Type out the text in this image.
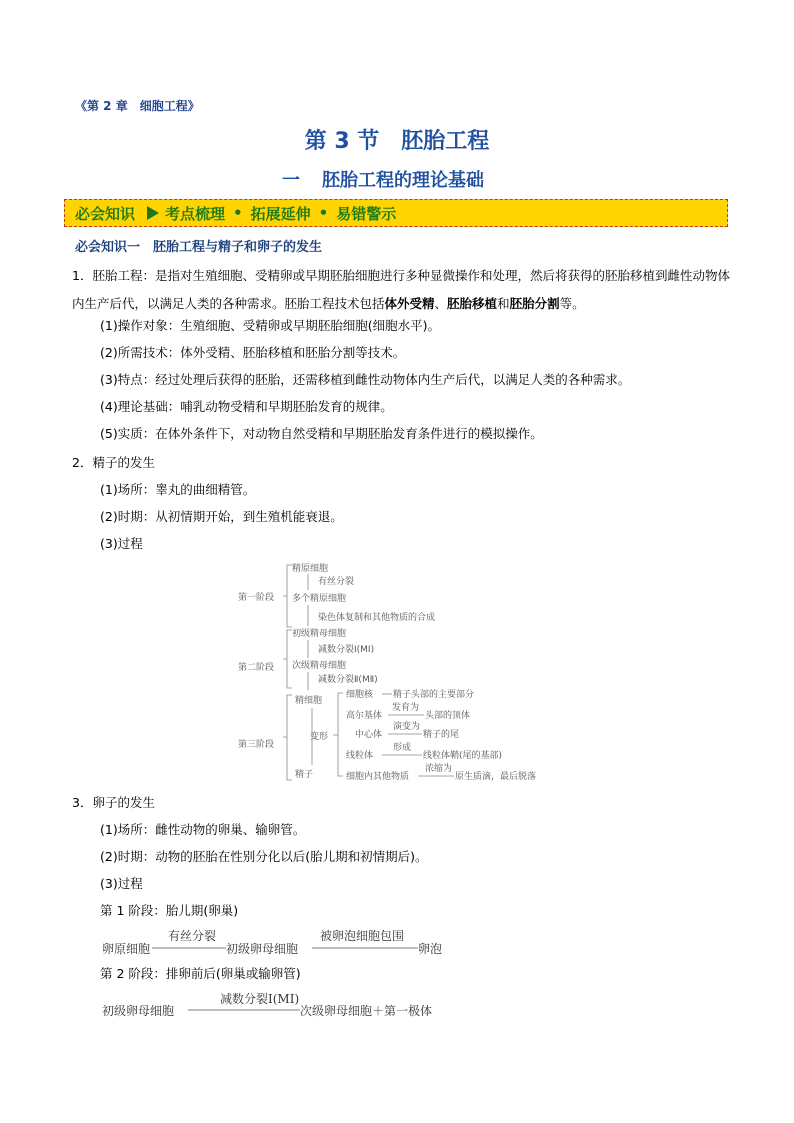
《第 2 章　细胞工程》
第 3 节　胚胎工程
一 胚胎工程的理论基础
必会知识 考点梳理 • 拓展延伸 • 易错警示
必会知识一　胚胎工程与精子和卵子的发生
1．胚胎工程：是指对生殖细胞、受精卵或早期胚胎细胞进行多种显微操作和处理，然后将获得的胚胎移植到雌性动物体内生产后代，以满足人类的各种需求。胚胎工程技术包括体外受精、胚胎移植和胚胎分割等。
(1)操作对象：生殖细胞、受精卵或早期胚胎细胞(细胞水平)。
(2)所需技术：体外受精、胚胎移植和胚胎分割等技术。
(3)特点：经过处理后获得的胚胎，还需移植到雌性动物体内生产后代，以满足人类的各种需求。
(4)理论基础：哺乳动物受精和早期胚胎发育的规律。
(5)实质：在体外条件下，对动物自然受精和早期胚胎发育条件进行的模拟操作。
2．精子的发生
(1)场所：睾丸的曲细精管。
(2)时期：从初情期开始，到生殖机能衰退。
(3)过程
第一阶段
第二阶段
第三阶段
精原细胞
有丝分裂
多个精原细胞
染色体复制和其他物质的合成
初级精母细胞
减数分裂Ⅰ(MⅠ)
次级精母细胞
减数分裂Ⅱ(MⅡ)
精细胞
变形
精子
细胞核 精子头部的主要部分
高尔基体
发育为
头部的顶体
中心体
演变为
精子的尾
线粒体
形成
线粒体鞘(尾的基部)
细胞内其他物质
浓缩为
原生质滴，最后脱落
3．卵子的发生
(1)场所：雌性动物的卵巢、输卵管。
(2)时期：动物的胚胎在性别分化以后(胎儿期和初情期后)。
(3)过程
第 1 阶段：胎儿期(卵巢)
卵原细胞
有丝分裂
初级卵母细胞
被卵泡细胞包围
卵泡
第 2 阶段：排卵前后(卵巢或输卵管)
初级卵母细胞
减数分裂Ⅰ(MⅠ)
次级卵母细胞＋第一极体
